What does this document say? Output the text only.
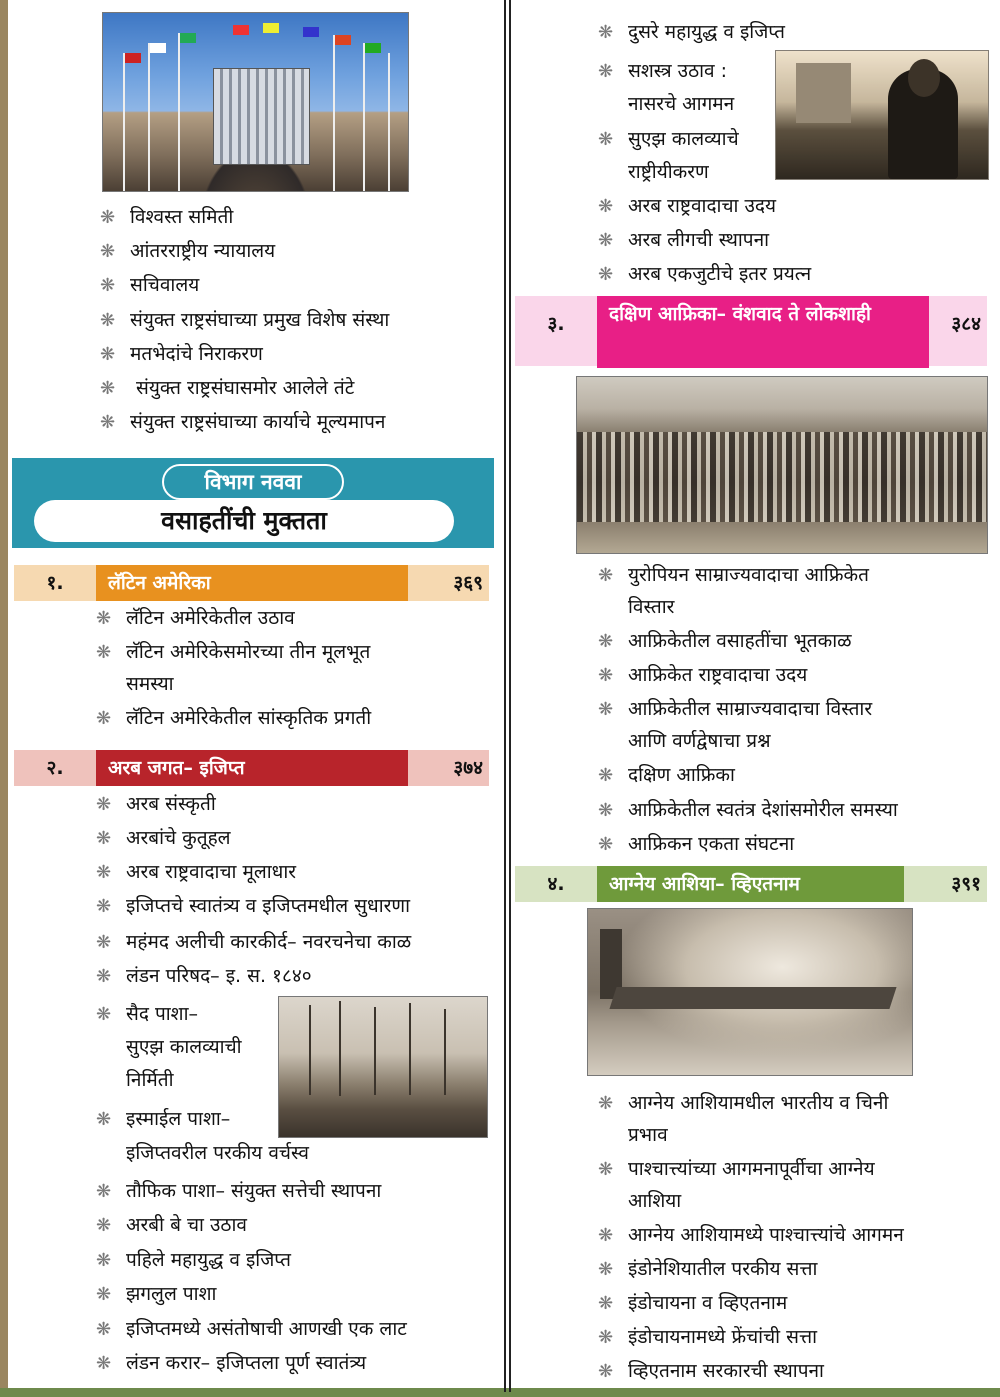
❋ विश्वस्त समिती
❋ आंतरराष्ट्रीय न्यायालय
❋ सचिवालय
❋ संयुक्त राष्ट्रसंघाच्या प्रमुख विशेष संस्था
❋ मतभेदांचे निराकरण
❋ संयुक्त राष्ट्रसंघासमोर आलेले तंटे
❋ संयुक्त राष्ट्रसंघाच्या कार्याचे मूल्यमापन
विभाग नववा
वसाहतींची मुक्तता
१.	लॅटिन अमेरिका	३६९
❋ लॅटिन अमेरिकेतील उठाव
❋ लॅटिन अमेरिकेसमोरच्या तीन मूलभूत
समस्या
❋ लॅटिन अमेरिकेतील सांस्कृतिक प्रगती
२.	अरब जगत– इजिप्त	३७४
❋ अरब संस्कृती
❋ अरबांचे कुतूहल
❋ अरब राष्ट्रवादाचा मूलाधार
❋ इजिप्तचे स्वातंत्र्य व इजिप्तमधील सुधारणा
❋ महंमद अलीची कारकीर्द– नवरचनेचा काळ
❋ लंडन परिषद– इ. स. १८४०
❋ सैद पाशा–
सुएझ कालव्याची
निर्मिती
❋ इस्माईल पाशा–
इजिप्तवरील परकीय वर्चस्व
❋ तौफिक पाशा– संयुक्त सत्तेची स्थापना
❋ अरबी बे चा उठाव
❋ पहिले महायुद्ध व इजिप्त
❋ झगलुल पाशा
❋ इजिप्तमध्ये असंतोषाची आणखी एक लाट
❋ लंडन करार– इजिप्तला पूर्ण स्वातंत्र्य
❋ दुसरे महायुद्ध व इजिप्त
❋ सशस्त्र उठाव :
नासरचे आगमन
❋ सुएझ कालव्याचे
राष्ट्रीयीकरण
❋ अरब राष्ट्रवादाचा उदय
❋ अरब लीगची स्थापना
❋ अरब एकजुटीचे इतर प्रयत्न
३.	दक्षिण आफ्रिका– वंशवाद ते लोकशाही	३८४
❋ युरोपियन साम्राज्यवादाचा आफ्रिकेत
विस्तार
❋ आफ्रिकेतील वसाहतींचा भूतकाळ
❋ आफ्रिकेत राष्ट्रवादाचा उदय
❋ आफ्रिकेतील साम्राज्यवादाचा विस्तार
आणि वर्णद्वेषाचा प्रश्न
❋ दक्षिण आफ्रिका
❋ आफ्रिकेतील स्वतंत्र देशांसमोरील समस्या
❋ आफ्रिकन एकता संघटना
४.	आग्नेय आशिया– व्हिएतनाम	३९१
❋ आग्नेय आशियामधील भारतीय व चिनी
प्रभाव
❋ पाश्चात्त्यांच्या आगमनापूर्वीचा आग्नेय
आशिया
❋ आग्नेय आशियामध्ये पाश्चात्त्यांचे आगमन
❋ इंडोनेशियातील परकीय सत्ता
❋ इंडोचायना व व्हिएतनाम
❋ इंडोचायनामध्ये फ्रेंचांची सत्ता
❋ व्हिएतनाम सरकारची स्थापना
